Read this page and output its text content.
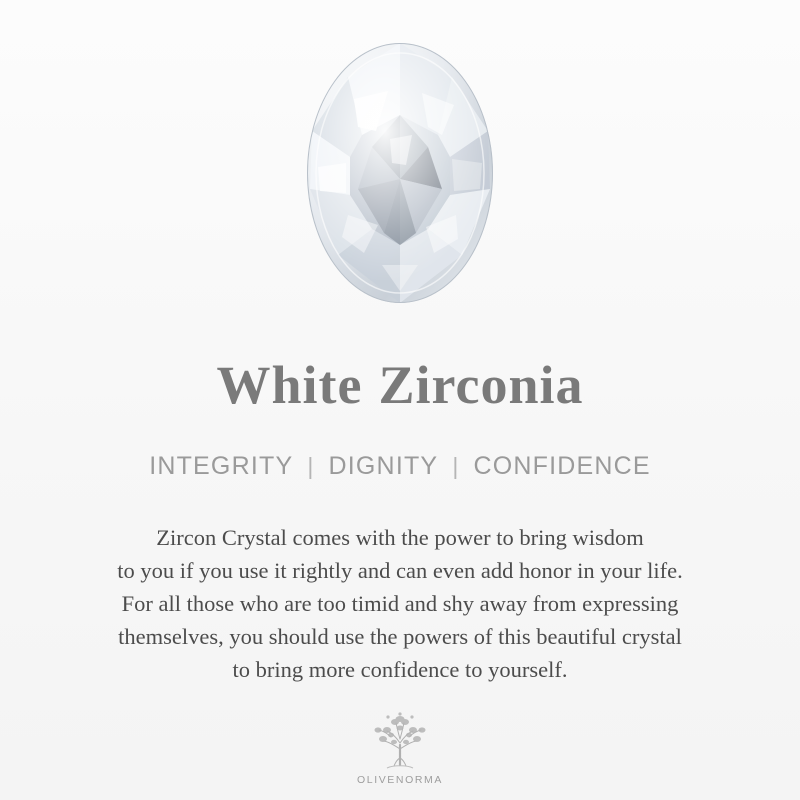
White Zirconia
INTEGRITY | DIGNITY | CONFIDENCE

Zircon Crystal comes with the power to bring wisdom

to you if you use it rightly and can even add honor in your life.

For all those who are too timid and shy away from expressing

themselves, you should use the powers of this beautiful crystal

to bring more confidence to yourself.

OLIVENORMA
